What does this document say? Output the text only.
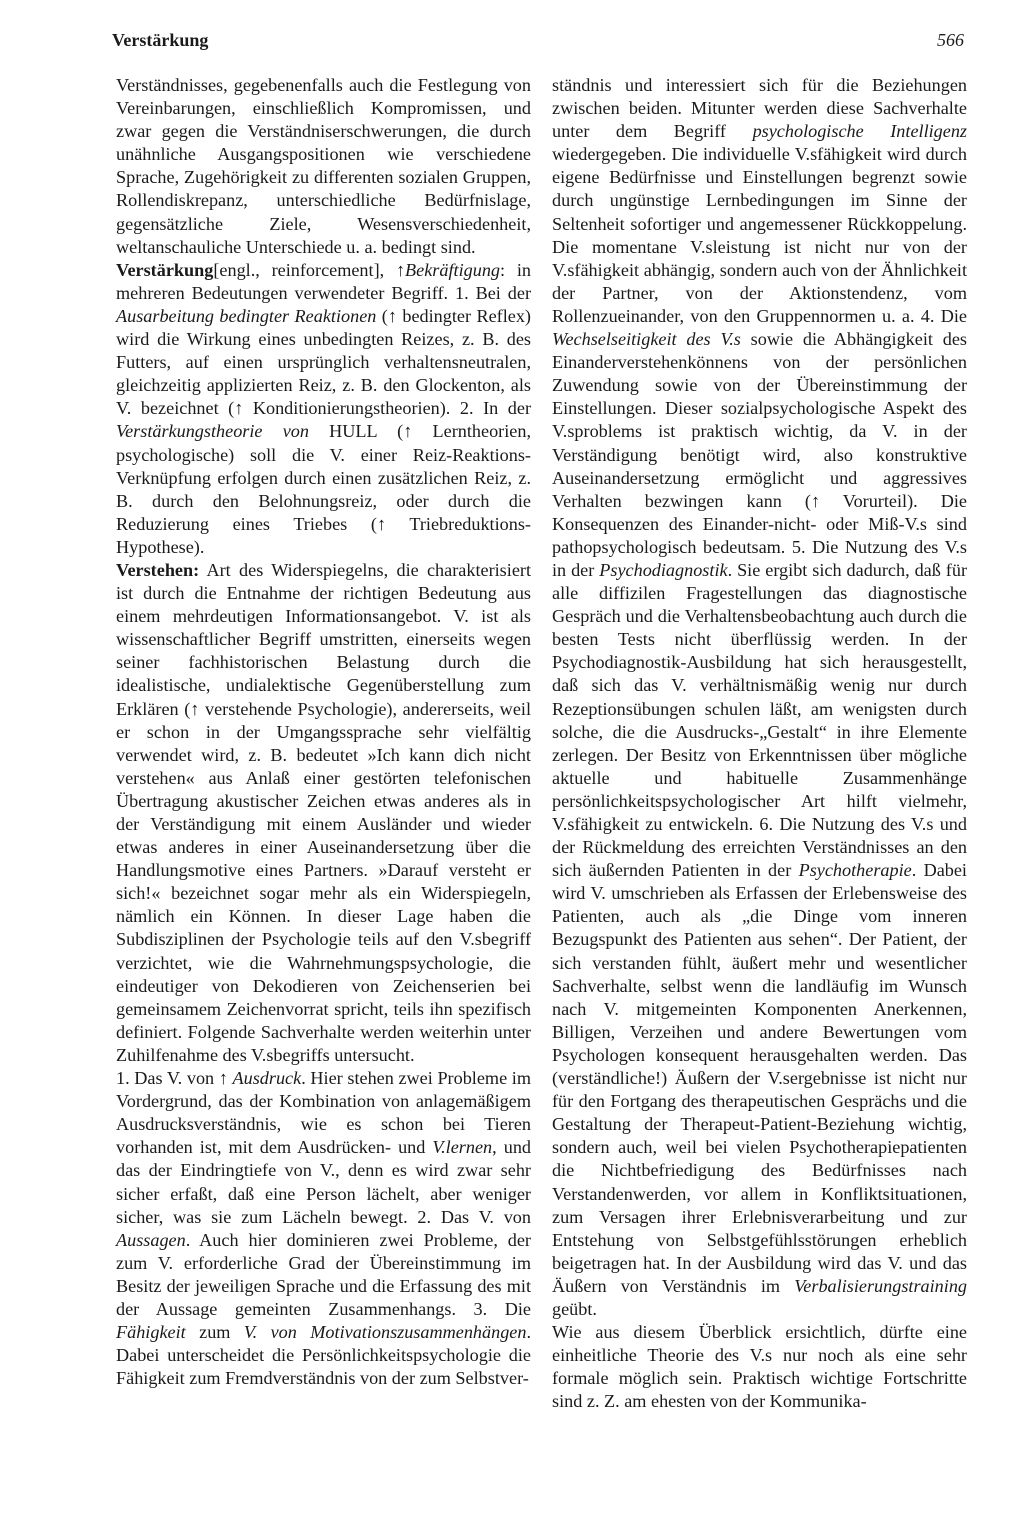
Verstärkung	566

Verständnisses, gegebenenfalls auch die Festlegung von Vereinbarungen, einschließlich Kompromissen, und zwar gegen die Verständniserschwerungen, die durch unähnliche Ausgangspositionen wie verschiedene Sprache, Zugehörigkeit zu differenten sozialen Gruppen, Rollendiskrepanz, unterschiedliche Bedürfnislage, gegensätzliche Ziele, Wesensverschiedenheit, weltanschauliche Unterschiede u. a. bedingt sind.

Verstärkung[engl., reinforcement], ↑Bekräftigung: in mehreren Bedeutungen verwendeter Begriff. 1. Bei der Ausarbeitung bedingter Reaktionen (↑ bedingter Reflex) wird die Wirkung eines unbedingten Reizes, z. B. des Futters, auf einen ursprünglich verhaltensneutralen, gleichzeitig applizierten Reiz, z. B. den Glockenton, als V. bezeichnet (↑ Konditionierungstheorien). 2. In der Verstärkungstheorie von HULL (↑ Lerntheorien, psychologische) soll die V. einer Reiz-Reaktions-Verknüpfung erfolgen durch einen zusätzlichen Reiz, z. B. durch den Belohnungsreiz, oder durch die Reduzierung eines Triebes (↑ Triebreduktions-Hypothese).

Verstehen: Art des Widerspiegelns, die charakterisiert ist durch die Entnahme der richtigen Bedeutung aus einem mehrdeutigen Informationsangebot. V. ist als wissenschaftlicher Begriff umstritten, einerseits wegen seiner fachhistorischen Belastung durch die idealistische, undialektische Gegenüberstellung zum Erklären (↑ verstehende Psychologie), andererseits, weil er schon in der Umgangssprache sehr vielfältig verwendet wird, z. B. bedeutet »Ich kann dich nicht verstehen« aus Anlaß einer gestörten telefonischen Übertragung akustischer Zeichen etwas anderes als in der Verständigung mit einem Ausländer und wieder etwas anderes in einer Auseinandersetzung über die Handlungsmotive eines Partners. »Darauf versteht er sich!« bezeichnet sogar mehr als ein Widerspiegeln, nämlich ein Können. In dieser Lage haben die Subdisziplinen der Psychologie teils auf den V.sbegriff verzichtet, wie die Wahrnehmungspsychologie, die eindeutiger von Dekodieren von Zeichenserien bei gemeinsamem Zeichenvorrat spricht, teils ihn spezifisch definiert. Folgende Sachverhalte werden weiterhin unter Zuhilfenahme des V.sbegriffs untersucht.

1. Das V. von ↑ Ausdruck. Hier stehen zwei Probleme im Vordergrund, das der Kombination von anlagemäßigem Ausdrucksverständnis, wie es schon bei Tieren vorhanden ist, mit dem Ausdrücken- und V.lernen, und das der Eindringtiefe von V., denn es wird zwar sehr sicher erfaßt, daß eine Person lächelt, aber weniger sicher, was sie zum Lächeln bewegt. 2. Das V. von Aussagen. Auch hier dominieren zwei Probleme, der zum V. erforderliche Grad der Übereinstimmung im Besitz der jeweiligen Sprache und die Erfassung des mit der Aussage gemeinten Zusammenhangs. 3. Die Fähigkeit zum V. von Motivationszusammenhängen. Dabei unterscheidet die Persönlichkeitspsychologie die Fähigkeit zum Fremdverständnis von der zum Selbstver-

ständnis und interessiert sich für die Beziehungen zwischen beiden. Mitunter werden diese Sachverhalte unter dem Begriff psychologische Intelligenz wiedergegeben. Die individuelle V.sfähigkeit wird durch eigene Bedürfnisse und Einstellungen begrenzt sowie durch ungünstige Lernbedingungen im Sinne der Seltenheit sofortiger und angemessener Rückkoppelung. Die momentane V.sleistung ist nicht nur von der V.sfähigkeit abhängig, sondern auch von der Ähnlichkeit der Partner, von der Aktionstendenz, vom Rollenzueinander, von den Gruppennormen u. a. 4. Die Wechselseitigkeit des V.s sowie die Abhängigkeit des Einanderverstehenkönnens von der persönlichen Zuwendung sowie von der Übereinstimmung der Einstellungen. Dieser sozialpsychologische Aspekt des V.sproblems ist praktisch wichtig, da V. in der Verständigung benötigt wird, also konstruktive Auseinandersetzung ermöglicht und aggressives Verhalten bezwingen kann (↑ Vorurteil). Die Konsequenzen des Einander-nicht- oder Miß-V.s sind pathopsychologisch bedeutsam. 5. Die Nutzung des V.s in der Psychodiagnostik. Sie ergibt sich dadurch, daß für alle diffizilen Fragestellungen das diagnostische Gespräch und die Verhaltensbeobachtung auch durch die besten Tests nicht überflüssig werden. In der Psychodiagnostik-Ausbildung hat sich herausgestellt, daß sich das V. verhältnismäßig wenig nur durch Rezeptionsübungen schulen läßt, am wenigsten durch solche, die die Ausdrucks-„Gestalt“ in ihre Elemente zerlegen. Der Besitz von Erkenntnissen über mögliche aktuelle und habituelle Zusammenhänge persönlichkeitspsychologischer Art hilft vielmehr, V.sfähigkeit zu entwickeln. 6. Die Nutzung des V.s und der Rückmeldung des erreichten Verständnisses an den sich äußernden Patienten in der Psychotherapie. Dabei wird V. umschrieben als Erfassen der Erlebensweise des Patienten, auch als „die Dinge vom inneren Bezugspunkt des Patienten aus sehen“. Der Patient, der sich verstanden fühlt, äußert mehr und wesentlicher Sachverhalte, selbst wenn die landläufig im Wunsch nach V. mitgemeinten Komponenten Anerkennen, Billigen, Verzeihen und andere Bewertungen vom Psychologen konsequent herausgehalten werden. Das (verständliche!) Äußern der V.sergebnisse ist nicht nur für den Fortgang des therapeutischen Gesprächs und die Gestaltung der Therapeut-Patient-Beziehung wichtig, sondern auch, weil bei vielen Psychotherapiepatienten die Nichtbefriedigung des Bedürfnisses nach Verstandenwerden, vor allem in Konfliktsituationen, zum Versagen ihrer Erlebnisverarbeitung und zur Entstehung von Selbstgefühlsstörungen erheblich beigetragen hat. In der Ausbildung wird das V. und das Äußern von Verständnis im Verbalisierungstraining geübt.

Wie aus diesem Überblick ersichtlich, dürfte eine einheitliche Theorie des V.s nur noch als eine sehr formale möglich sein. Praktisch wichtige Fortschritte sind z. Z. am ehesten von der Kommunika-
